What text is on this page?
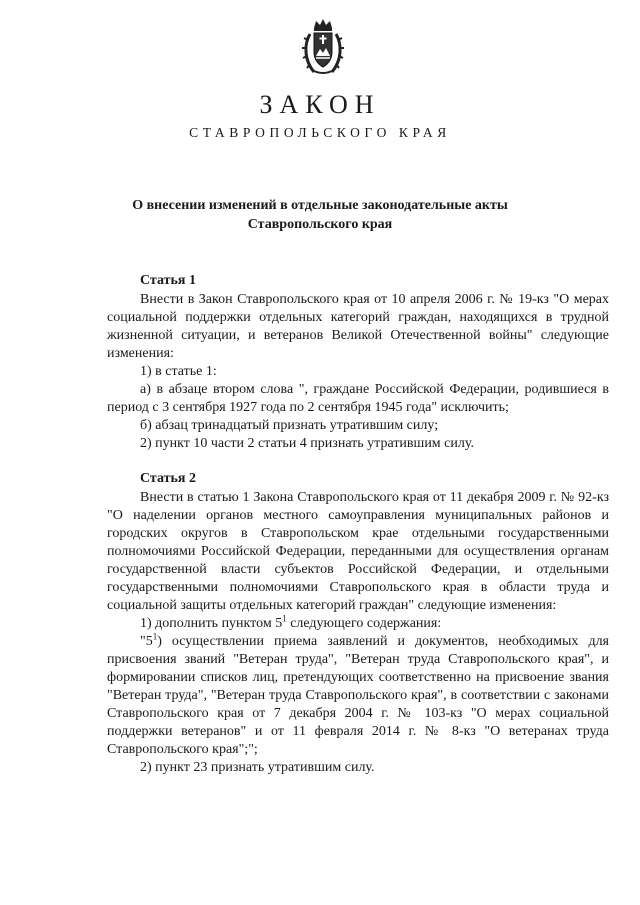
ЗАКОН
СТАВРОПОЛЬСКОГО КРАЯ
О внесении изменений в отдельные законодательные акты
Ставропольского края
Статья 1

Внести в Закон Ставропольского края от 10 апреля 2006 г. № 19-кз "О мерах социальной поддержки отдельных категорий граждан, находящихся в трудной жизненной ситуации, и ветеранов Великой Отечественной войны" следующие изменения:

1) в статье 1:

а) в абзаце втором слова ", граждане Российской Федерации, родившиеся в период с 3 сентября 1927 года по 2 сентября 1945 года" исключить;

б) абзац тринадцатый признать утратившим силу;

2) пункт 10 части 2 статьи 4 признать утратившим силу.

Статья 2

Внести в статью 1 Закона Ставропольского края от 11 декабря 2009 г. № 92-кз "О наделении органов местного самоуправления муниципальных районов и городских округов в Ставропольском крае отдельными государственными полномочиями Российской Федерации, переданными для осуществления органам государственной власти субъектов Российской Федерации, и отдельными государственными полномочиями Ставропольского края в области труда и социальной защиты отдельных категорий граждан" следующие изменения:

1) дополнить пунктом $5^1$ следующего содержания:

"$5^1$) осуществлении приема заявлений и документов, необходимых для присвоения званий "Ветеран труда", "Ветеран труда Ставропольского края", и формировании списков лиц, претендующих соответственно на присвоение звания "Ветеран труда", "Ветеран труда Ставропольского края", в соответствии с законами Ставропольского края от 7 декабря 2004 г. № 103-кз "О мерах социальной поддержки ветеранов" и от 11 февраля 2014 г. № 8-кз "О ветеранах труда Ставропольского края";";

2) пункт 23 признать утратившим силу.
